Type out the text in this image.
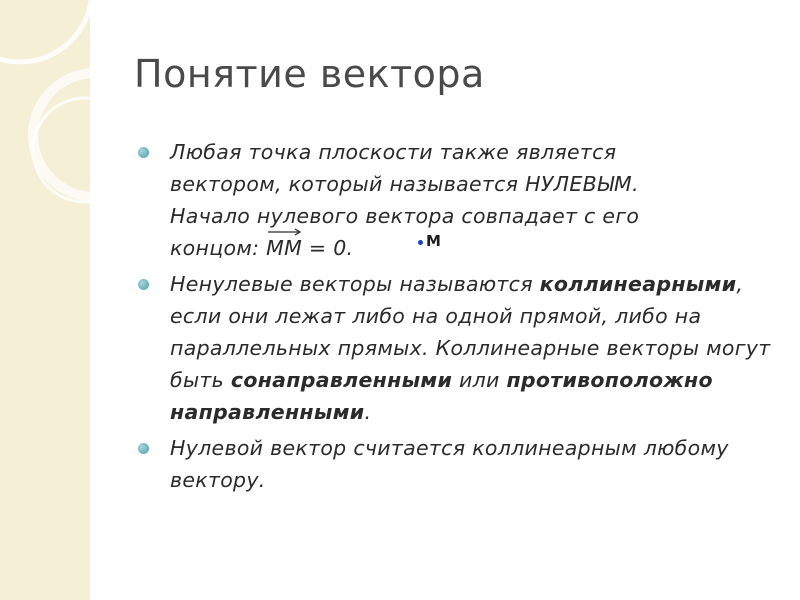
Понятие вектора
Любая точка плоскости также является
вектором, который называется НУЛЕВЫМ.
Начало нулевого вектора совпадает с его
концом:
ММ = 0.
Ненулевые векторы называются коллинеарными, если они лежат либо на одной прямой, либо на параллельных прямых. Коллинеарные векторы могут быть сонаправленными или противоположно направленными.
Нулевой вектор считается коллинеарным любому вектору.
М
